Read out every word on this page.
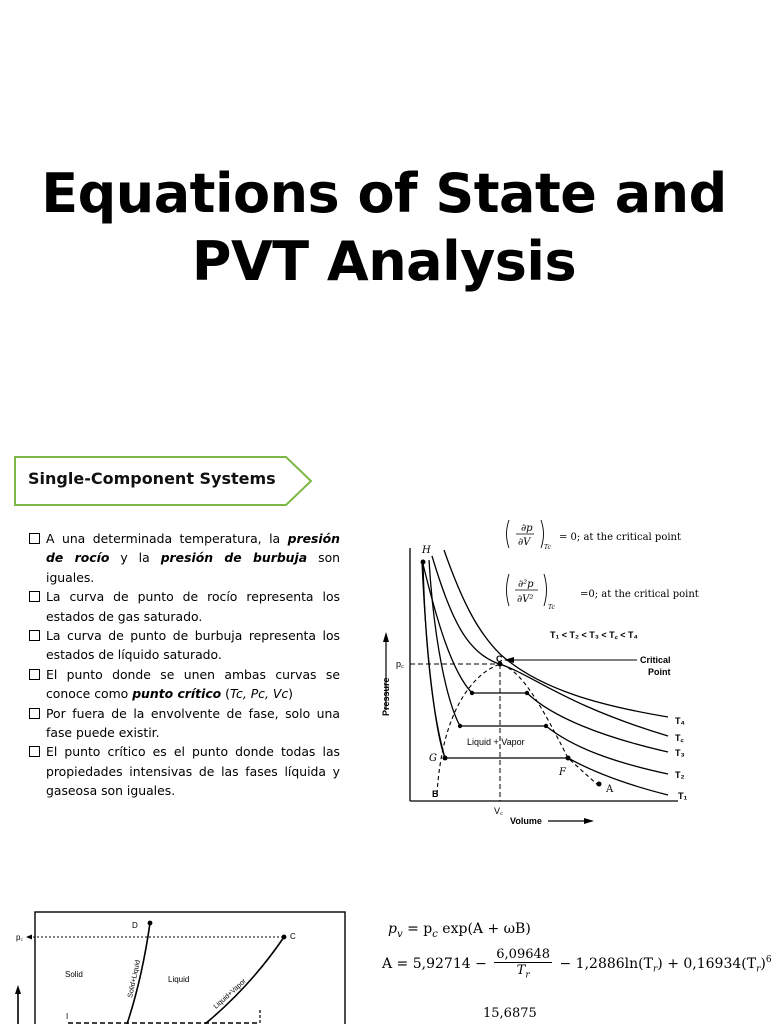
Equations of State and
PVT Analysis
Single-Component Systems
A una determinada temperatura, la presión de rocío y la presión de burbuja son iguales.
La curva de punto de rocío representa los estados de gas saturado.
La curva de punto de burbuja representa los estados de líquido saturado.
El punto donde se unen ambas curvas se conoce como punto crítico (Tc, Pc, Vc)
Por fuera de la envolvente de fase, solo una fase puede existir.
El punto crítico es el punto donde todas las propiedades intensivas de las fases líquida y gaseosa son iguales.
∂p
∂V Tc
= 0; at the critical point
∂²p
∂V²
Tc
=0; at the critical point
T₁ < T₂ < T₃ < T꜀ < T₄
Pressure
Volume
p꜀
V꜀
Critical
Point
Liquid + Vapor
H
C
G
F
A
B
T₄
T꜀
T₃
T₂
T₁
p꜀
D
C
Solid
Liquid
Solid+Liquid	Liquid+Vapor
I
$p_v = p_c$ exp(A + ωB)
$A = 5,92714 - \frac{6,09648}{T_r} - 1,2886\ln(T_r) + 0,16934(T_r)^6$
15,6875
